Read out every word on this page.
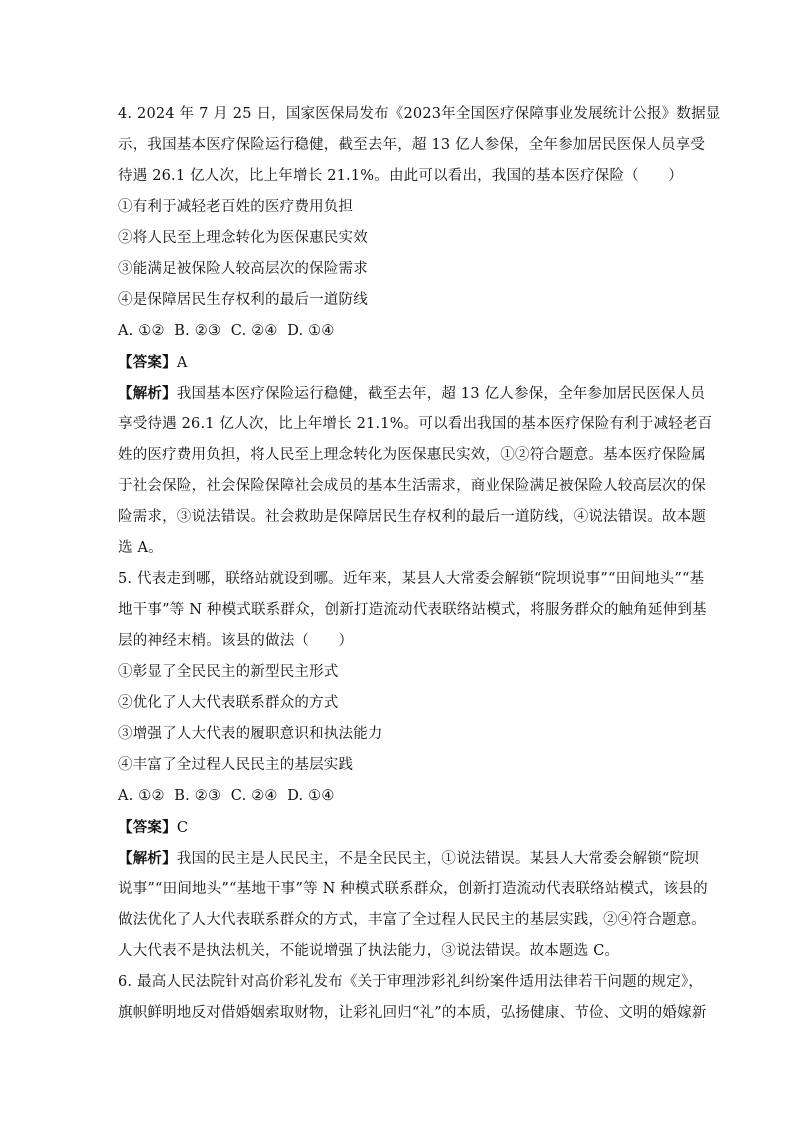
4. 2024 年 7 月 25 日，国家医保局发布《2023年全国医疗保障事业发展统计公报》数据显
示，我国基本医疗保险运行稳健，截至去年，超 13 亿人参保，全年参加居民医保人员享受
待遇 26.1 亿人次，比上年增长 21.1%。由此可以看出，我国的基本医疗保险（　　）
①有利于减轻老百姓的医疗费用负担
②将人民至上理念转化为医保惠民实效
③能满足被保险人较高层次的保险需求
④是保障居民生存权利的最后一道防线
A. ①②  B. ②③  C. ②④  D. ①④
【答案】A
【解析】我国基本医疗保险运行稳健，截至去年，超 13 亿人参保，全年参加居民医保人员
享受待遇 26.1 亿人次，比上年增长 21.1%。可以看出我国的基本医疗保险有利于减轻老百
姓的医疗费用负担，将人民至上理念转化为医保惠民实效，①②符合题意。基本医疗保险属
于社会保险，社会保险保障社会成员的基本生活需求，商业保险满足被保险人较高层次的保
险需求，③说法错误。社会救助是保障居民生存权利的最后一道防线，④说法错误。故本题
选 A。
5. 代表走到哪，联络站就设到哪。近年来，某县人大常委会解锁“院坝说事”“田间地头”“基
地干事”等 N 种模式联系群众，创新打造流动代表联络站模式，将服务群众的触角延伸到基
层的神经末梢。该县的做法（　　）
①彰显了全民民主的新型民主形式
②优化了人大代表联系群众的方式
③增强了人大代表的履职意识和执法能力
④丰富了全过程人民民主的基层实践
A. ①②  B. ②③  C. ②④  D. ①④
【答案】C
【解析】我国的民主是人民民主，不是全民民主，①说法错误。某县人大常委会解锁“院坝
说事”“田间地头”“基地干事”等 N 种模式联系群众，创新打造流动代表联络站模式，该县的
做法优化了人大代表联系群众的方式，丰富了全过程人民民主的基层实践，②④符合题意。
人大代表不是执法机关，不能说增强了执法能力，③说法错误。故本题选 C。
6. 最高人民法院针对高价彩礼发布《关于审理涉彩礼纠纷案件适用法律若干问题的规定》，
旗帜鲜明地反对借婚姻索取财物，让彩礼回归“礼”的本质，弘扬健康、节俭、文明的婚嫁新
